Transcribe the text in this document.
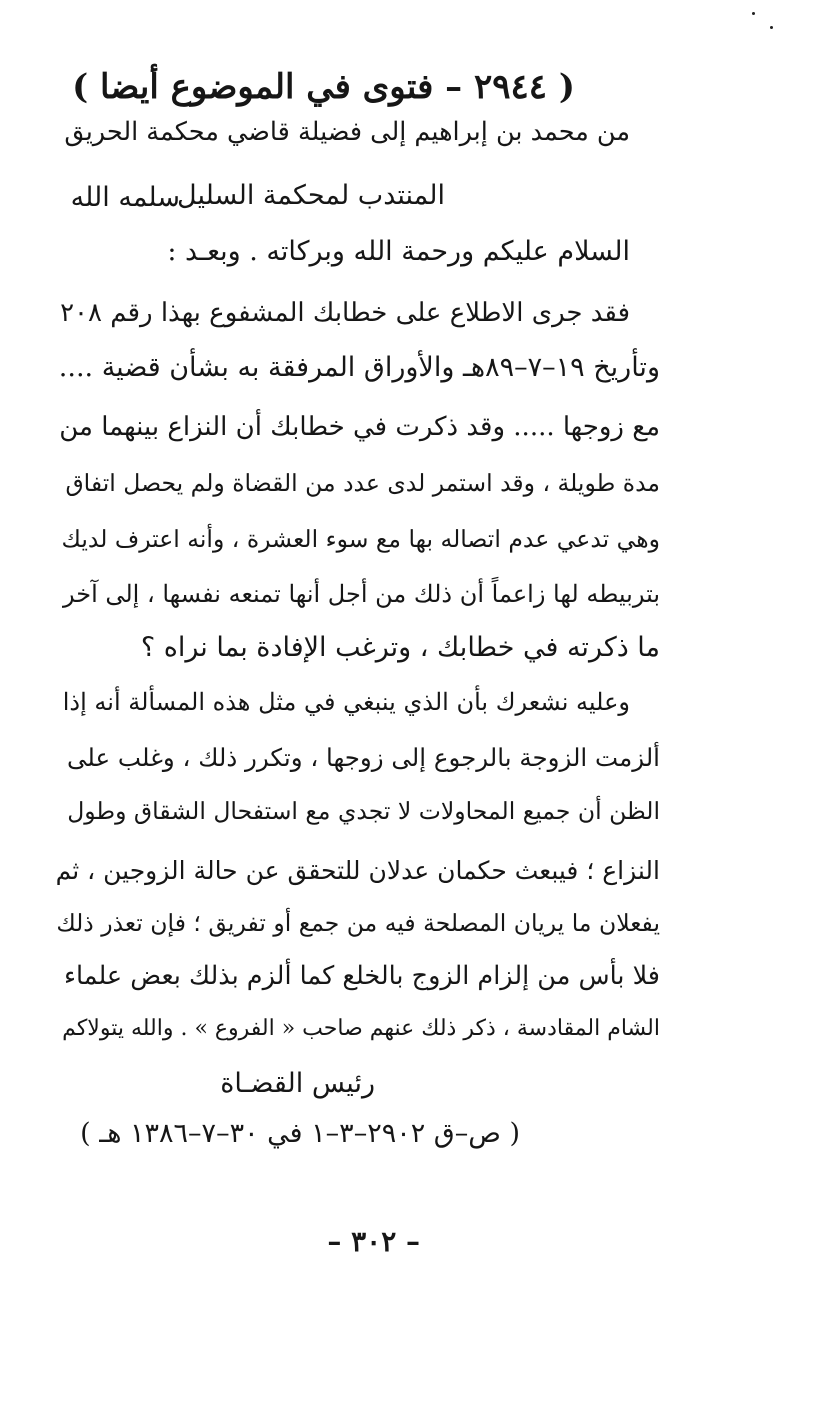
( ٢٩٤٤ – فتوى في الموضوع أيضا )
من محمد بن إبراهيم إلى فضيلة قاضي محكمة الحريق
المنتدب لمحكمة السليل
سلمه الله
السلام عليكم ورحمة الله وبركاته . وبعـد :
فقد جرى الاطلاع على خطابك المشفوع بهذا رقم ٢٠٨
وتأريخ ١٩–٧–٨٩هـ والأوراق المرفقة به بشأن قضية ....
مع زوجها ..... وقد ذكرت في خطابك أن النزاع بينهما من
مدة طويلة ، وقد استمر لدى عدد من القضاة ولم يحصل اتفاق
وهي تدعي عدم اتصاله بها مع سوء العشرة ، وأنه اعترف لديك
بتربيطه لها زاعماً أن ذلك من أجل أنها تمنعه نفسها ، إلى آخر
ما ذكرته في خطابك ، وترغب الإفادة بما نراه ؟
وعليه نشعرك بأن الذي ينبغي في مثل هذه المسألة أنه إذا
ألزمت الزوجة بالرجوع إلى زوجها ، وتكرر ذلك ، وغلب على
الظن أن جميع المحاولات لا تجدي مع استفحال الشقاق وطول
النزاع ؛ فيبعث حكمان عدلان للتحقق عن حالة الزوجين ، ثم
يفعلان ما يريان المصلحة فيه من جمع أو تفريق ؛ فإن تعذر ذلك
فلا بأس من إلزام الزوج بالخلع كما ألزم بذلك بعض علماء
الشام المقادسة ، ذكر ذلك عنهم صاحب « الفروع » . والله يتولاكم
رئيس القضـاة
( ص–ق ٢٩٠٢–٣–١ في ٣٠–٧–١٣٨٦ هـ )
– ٣٠٢ –
